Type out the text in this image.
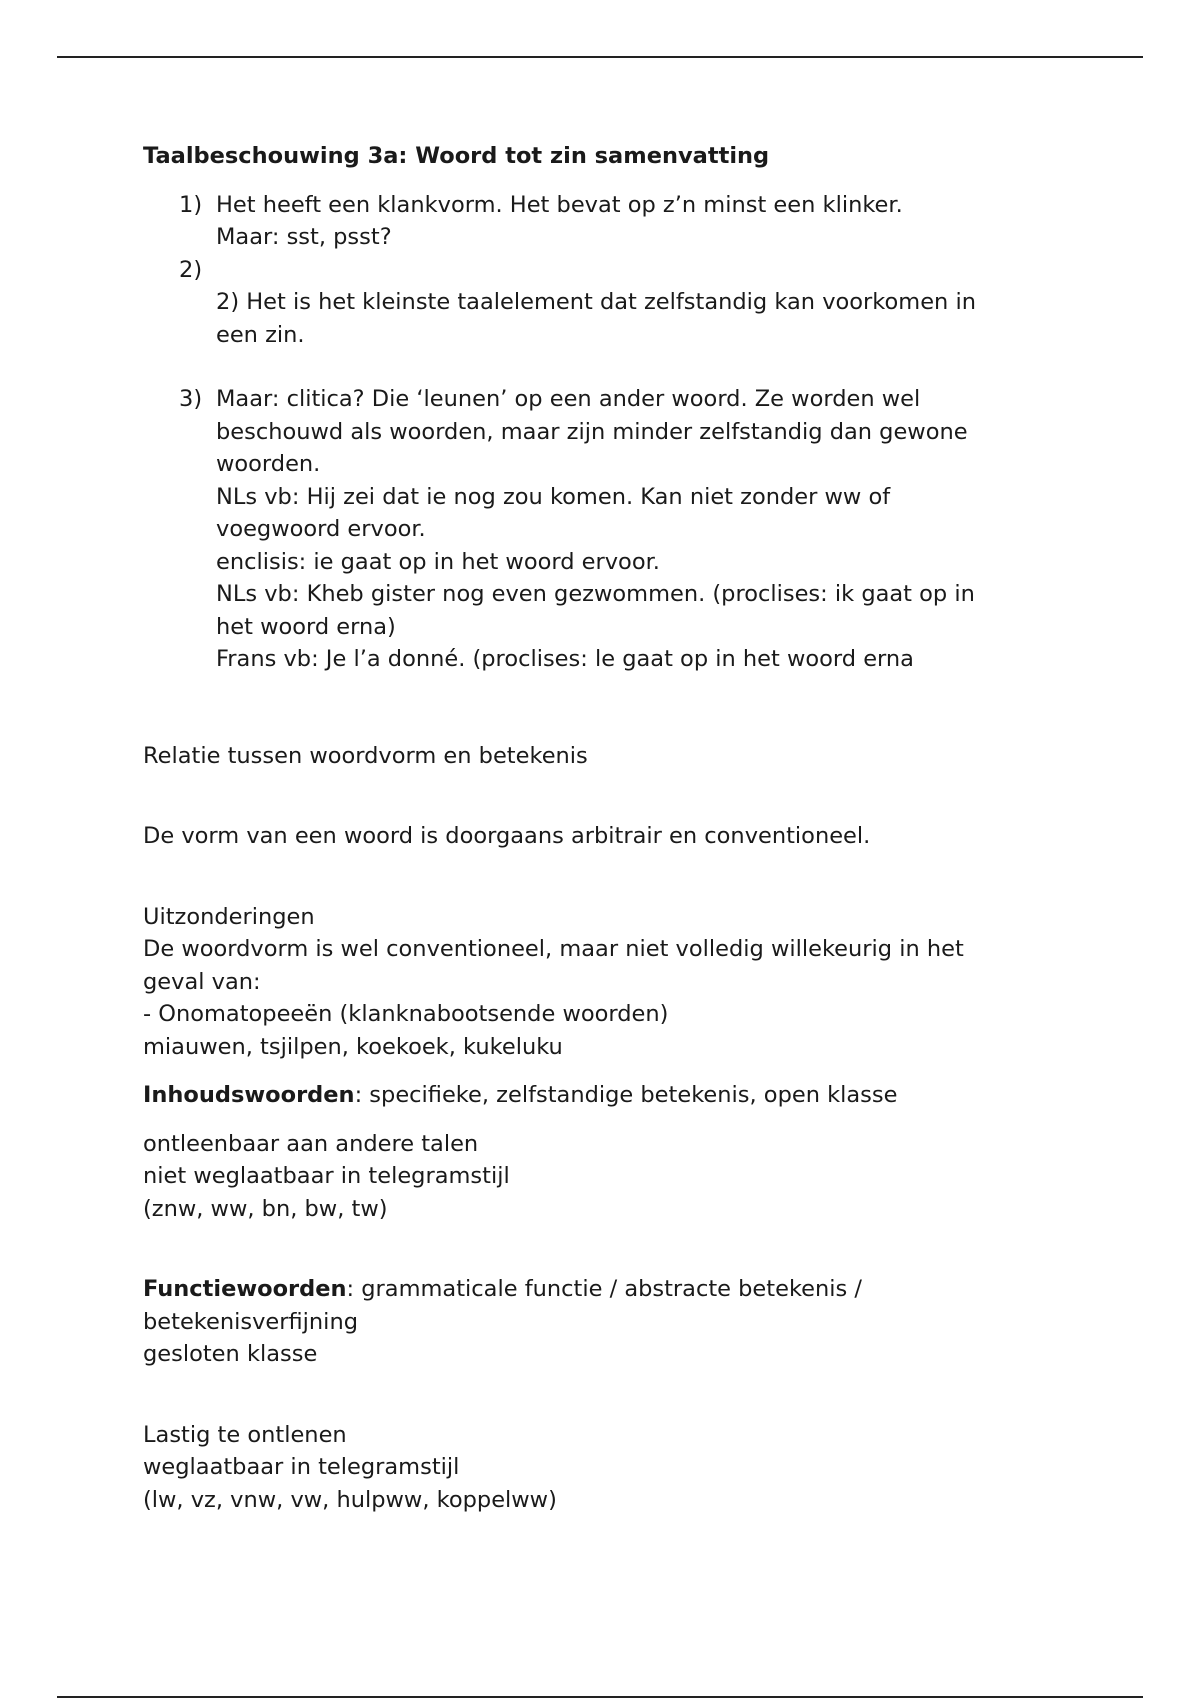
Taalbeschouwing 3a: Woord tot zin samenvatting

1) Het heeft een klankvorm. Het bevat op z’n minst een klinker.
Maar: sst, psst?
2)

2) Het is het kleinste taalelement dat zelfstandig kan voorkomen in
een zin.
3) Maar: clitica? Die ‘leunen’ op een ander woord. Ze worden wel
beschouwd als woorden, maar zijn minder zelfstandig dan gewone
woorden.
NLs vb: Hij zei dat ie nog zou komen. Kan niet zonder ww of
voegwoord ervoor.
enclisis: ie gaat op in het woord ervoor.
NLs vb: Kheb gister nog even gezwommen. (proclises: ik gaat op in
het woord erna)
Frans vb: Je l’a donné. (proclises: le gaat op in het woord erna

Relatie tussen woordvorm en betekenis

De vorm van een woord is doorgaans arbitrair en conventioneel.

Uitzonderingen
De woordvorm is wel conventioneel, maar niet volledig willekeurig in het
geval van:
- Onomatopeeën (klanknabootsende woorden)
miauwen, tsjilpen, koekoek, kukeluku

Inhoudswoorden: specifieke, zelfstandige betekenis, open klasse

ontleenbaar aan andere talen
niet weglaatbaar in telegramstijl
(znw, ww, bn, bw, tw)

Functiewoorden: grammaticale functie / abstracte betekenis /

betekenisverfijning
gesloten klasse
Lastig te ontlenen
weglaatbaar in telegramstijl
(lw, vz, vnw, vw, hulpww, koppelww)
